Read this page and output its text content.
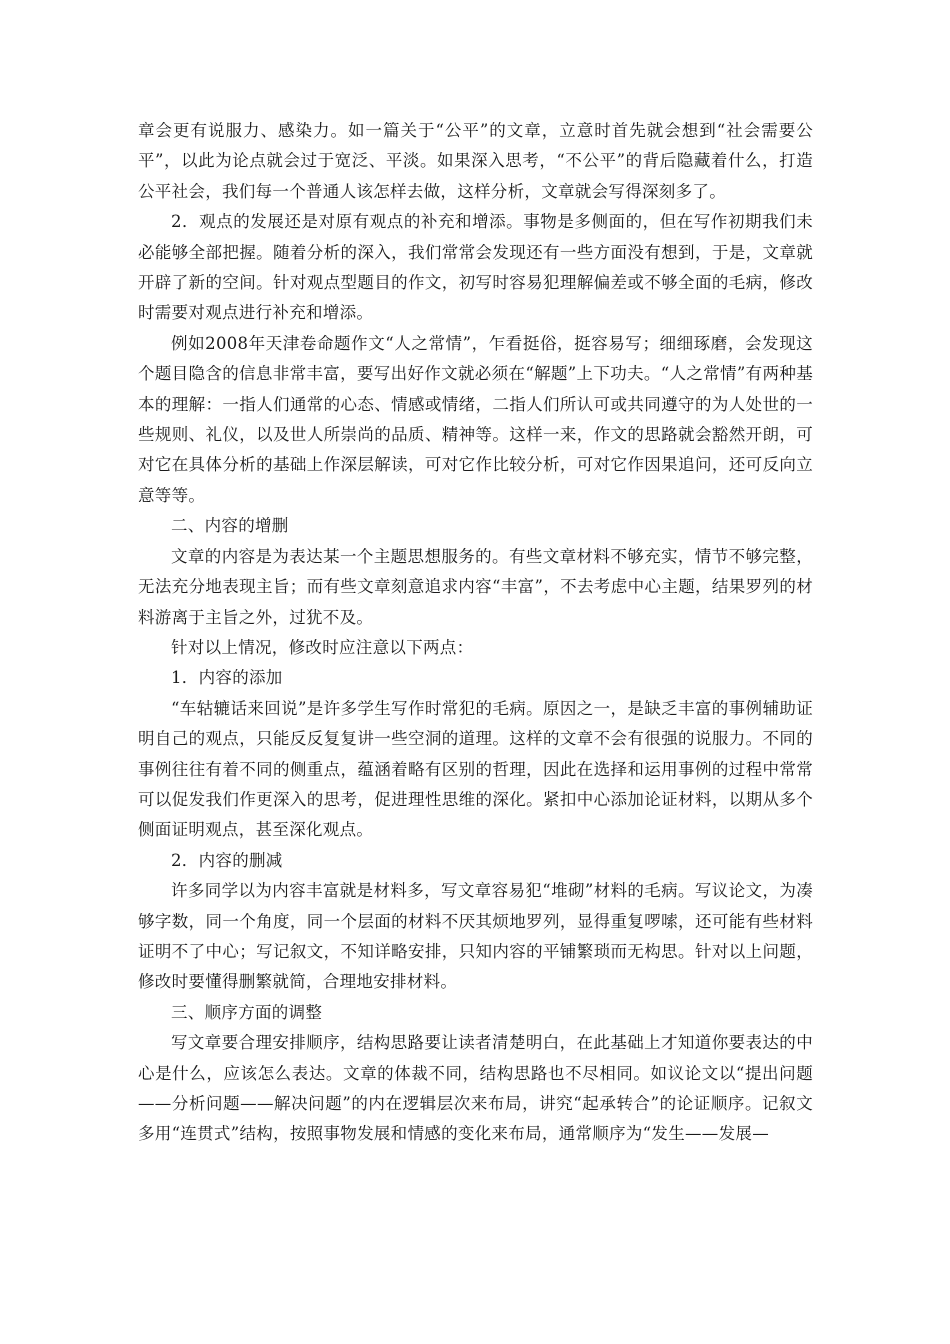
章会更有说服力、感染力。如一篇关于“公平”的文章，立意时首先就会想到“社会需要公平”，以此为论点就会过于宽泛、平淡。如果深入思考，“不公平”的背后隐藏着什么，打造公平社会，我们每一个普通人该怎样去做，这样分析，文章就会写得深刻多了。

2．观点的发展还是对原有观点的补充和增添。事物是多侧面的，但在写作初期我们未必能够全部把握。随着分析的深入，我们常常会发现还有一些方面没有想到，于是，文章就开辟了新的空间。针对观点型题目的作文，初写时容易犯理解偏差或不够全面的毛病，修改时需要对观点进行补充和增添。

例如2008年天津卷命题作文“人之常情”，乍看挺俗，挺容易写；细细琢磨，会发现这个题目隐含的信息非常丰富，要写出好作文就必须在“解题”上下功夫。“人之常情”有两种基本的理解：一指人们通常的心态、情感或情绪，二指人们所认可或共同遵守的为人处世的一些规则、礼仪，以及世人所崇尚的品质、精神等。这样一来，作文的思路就会豁然开朗，可对它在具体分析的基础上作深层解读，可对它作比较分析，可对它作因果追问，还可反向立意等等。

二、内容的增删

文章的内容是为表达某一个主题思想服务的。有些文章材料不够充实，情节不够完整，无法充分地表现主旨；而有些文章刻意追求内容“丰富”，不去考虑中心主题，结果罗列的材料游离于主旨之外，过犹不及。

针对以上情况，修改时应注意以下两点：

1．内容的添加

“车轱辘话来回说”是许多学生写作时常犯的毛病。原因之一，是缺乏丰富的事例辅助证明自己的观点，只能反反复复讲一些空洞的道理。这样的文章不会有很强的说服力。不同的事例往往有着不同的侧重点，蕴涵着略有区别的哲理，因此在选择和运用事例的过程中常常可以促发我们作更深入的思考，促进理性思维的深化。紧扣中心添加论证材料，以期从多个侧面证明观点，甚至深化观点。

2．内容的删减

许多同学以为内容丰富就是材料多，写文章容易犯“堆砌”材料的毛病。写议论文，为凑够字数，同一个角度，同一个层面的材料不厌其烦地罗列，显得重复啰嗦，还可能有些材料证明不了中心；写记叙文，不知详略安排，只知内容的平铺繁琐而无构思。针对以上问题，修改时要懂得删繁就简，合理地安排材料。

三、顺序方面的调整

写文章要合理安排顺序，结构思路要让读者清楚明白，在此基础上才知道你要表达的中心是什么，应该怎么表达。文章的体裁不同，结构思路也不尽相同。如议论文以“提出问题——分析问题——解决问题”的内在逻辑层次来布局，讲究“起承转合”的论证顺序。记叙文多用“连贯式”结构，按照事物发展和情感的变化来布局，通常顺序为“发生——发展—
